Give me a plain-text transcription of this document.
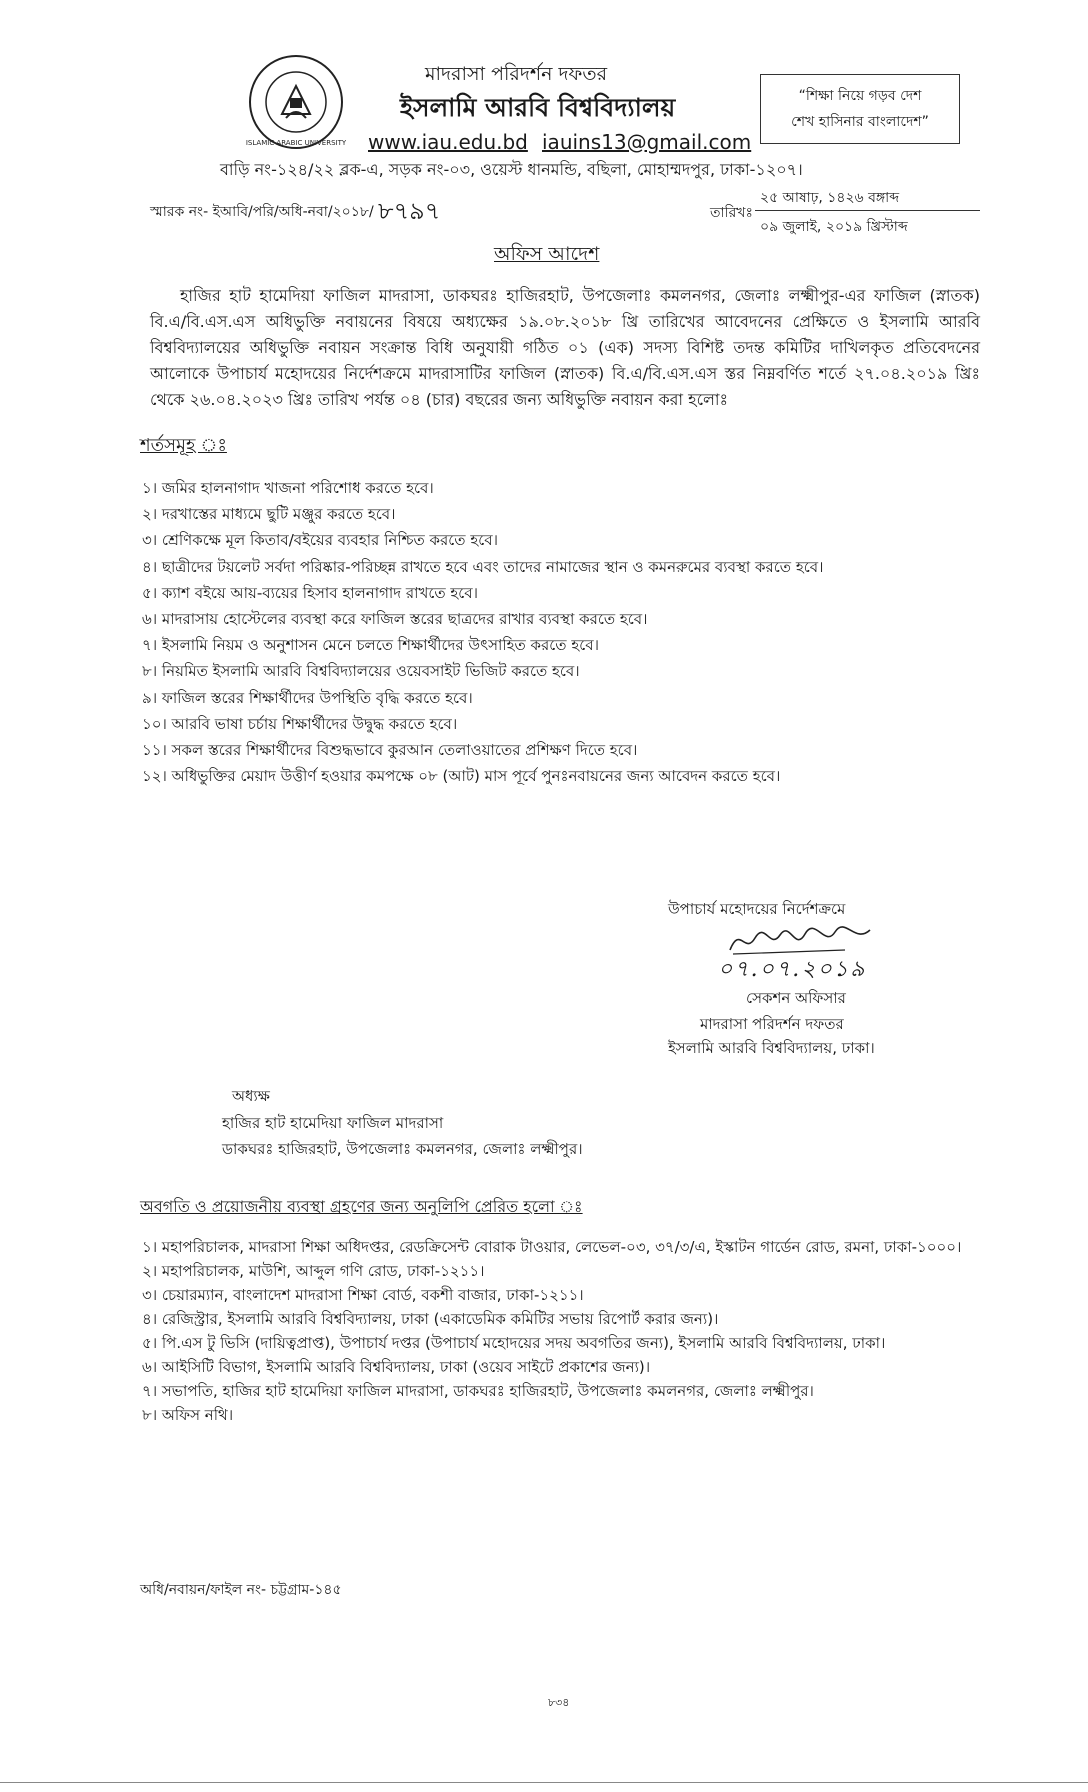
ISLAMIC ARABIC UNIVERSITY
মাদরাসা পরিদর্শন দফতর
ইসলামি আরবি বিশ্ববিদ্যালয়
www.iau.edu.bd iauins13@gmail.com
বাড়ি নং-১২৪/২২ ব্লক-এ, সড়ক নং-০৩, ওয়েস্ট ধানমন্ডি, বছিলা, মোহাম্মদপুর, ঢাকা-১২০৭।
“শিক্ষা নিয়ে গড়ব দেশ
শেখ হাসিনার বাংলাদেশ”
স্মারক নং- ইআবি/পরি/অধি-নবা/২০১৮/ ৮৭৯৭	তারিখঃ
২৫ আষাঢ়, ১৪২৬ বঙ্গাব্দ
০৯ জুলাই, ২০১৯ খ্রিস্টাব্দ
অফিস আদেশ
হাজির হাট হামেদিয়া ফাজিল মাদরাসা, ডাকঘরঃ হাজিরহাট, উপজেলাঃ কমলনগর, জেলাঃ লক্ষ্মীপুর-এর ফাজিল (স্নাতক) বি.এ/বি.এস.এস অধিভুক্তি নবায়নের বিষয়ে অধ্যক্ষের ১৯.০৮.২০১৮ খ্রি তারিখের আবেদনের প্রেক্ষিতে ও ইসলামি আরবি বিশ্ববিদ্যালয়ের অধিভুক্তি নবায়ন সংক্রান্ত বিধি অনুযায়ী গঠিত ০১ (এক) সদস্য বিশিষ্ট তদন্ত কমিটির দাখিলকৃত প্রতিবেদনের আলোকে উপাচার্য মহোদয়ের নির্দেশক্রমে মাদরাসাটির ফাজিল (স্নাতক) বি.এ/বি.এস.এস স্তর নিম্নবর্ণিত শর্তে ২৭.০৪.২০১৯ খ্রিঃ থেকে ২৬.০৪.২০২৩ খ্রিঃ তারিখ পর্যন্ত ০৪ (চার) বছরের জন্য অধিভুক্তি নবায়ন করা হলোঃ
শর্তসমূহ ঃ
১। জমির হালনাগাদ খাজনা পরিশোধ করতে হবে।
২। দরখাস্তের মাধ্যমে ছুটি মঞ্জুর করতে হবে।
৩। শ্রেণিকক্ষে মূল কিতাব/বইয়ের ব্যবহার নিশ্চিত করতে হবে।
৪। ছাত্রীদের টয়লেট সর্বদা পরিষ্কার-পরিচ্ছন্ন রাখতে হবে এবং তাদের নামাজের স্থান ও কমনরুমের ব্যবস্থা করতে হবে।
৫। ক্যাশ বইয়ে আয়-ব্যয়ের হিসাব হালনাগাদ রাখতে হবে।
৬। মাদরাসায় হোস্টেলের ব্যবস্থা করে ফাজিল স্তরের ছাত্রদের রাখার ব্যবস্থা করতে হবে।
৭। ইসলামি নিয়ম ও অনুশাসন মেনে চলতে শিক্ষার্থীদের উৎসাহিত করতে হবে।
৮। নিয়মিত ইসলামি আরবি বিশ্ববিদ্যালয়ের ওয়েবসাইট ভিজিট করতে হবে।
৯। ফাজিল স্তরের শিক্ষার্থীদের উপস্থিতি বৃদ্ধি করতে হবে।
১০। আরবি ভাষা চর্চায় শিক্ষার্থীদের উদ্বুদ্ধ করতে হবে।
১১। সকল স্তরের শিক্ষার্থীদের বিশুদ্ধভাবে কুরআন তেলাওয়াতের প্রশিক্ষণ দিতে হবে।
১২। অধিভুক্তির মেয়াদ উত্তীর্ণ হওয়ার কমপক্ষে ০৮ (আট) মাস পূর্বে পুনঃনবায়নের জন্য আবেদন করতে হবে।
উপাচার্য মহোদয়ের নির্দেশক্রমে
০৭.০৭.২০১৯
সেকশন অফিসার
মাদরাসা পরিদর্শন দফতর
ইসলামি আরবি বিশ্ববিদ্যালয়, ঢাকা।
অধ্যক্ষ
হাজির হাট হামেদিয়া ফাজিল মাদরাসা
ডাকঘরঃ হাজিরহাট, উপজেলাঃ কমলনগর, জেলাঃ লক্ষ্মীপুর।
অবগতি ও প্রয়োজনীয় ব্যবস্থা গ্রহণের জন্য অনুলিপি প্রেরিত হলো ঃ
১। মহাপরিচালক, মাদরাসা শিক্ষা অধিদপ্তর, রেডক্রিসেন্ট বোরাক টাওয়ার, লেভেল-০৩, ৩৭/৩/এ, ইস্কাটন গার্ডেন রোড, রমনা, ঢাকা-১০০০।
২। মহাপরিচালক, মাউশি, আব্দুল গণি রোড, ঢাকা-১২১১।
৩। চেয়ারম্যান, বাংলাদেশ মাদরাসা শিক্ষা বোর্ড, বকশী বাজার, ঢাকা-১২১১।
৪। রেজিস্ট্রার, ইসলামি আরবি বিশ্ববিদ্যালয়, ঢাকা (একাডেমিক কমিটির সভায় রিপোর্ট করার জন্য)।
৫। পি.এস টু ভিসি (দায়িত্বপ্রাপ্ত), উপাচার্য দপ্তর (উপাচার্য মহোদয়ের সদয় অবগতির জন্য), ইসলামি আরবি বিশ্ববিদ্যালয়, ঢাকা।
৬। আইসিটি বিভাগ, ইসলামি আরবি বিশ্ববিদ্যালয়, ঢাকা (ওয়েব সাইটে প্রকাশের জন্য)।
৭। সভাপতি, হাজির হাট হামেদিয়া ফাজিল মাদরাসা, ডাকঘরঃ হাজিরহাট, উপজেলাঃ কমলনগর, জেলাঃ লক্ষ্মীপুর।
৮। অফিস নথি।
অধি/নবায়ন/ফাইল নং- চট্টগ্রাম-১৪৫
৮৩৪
